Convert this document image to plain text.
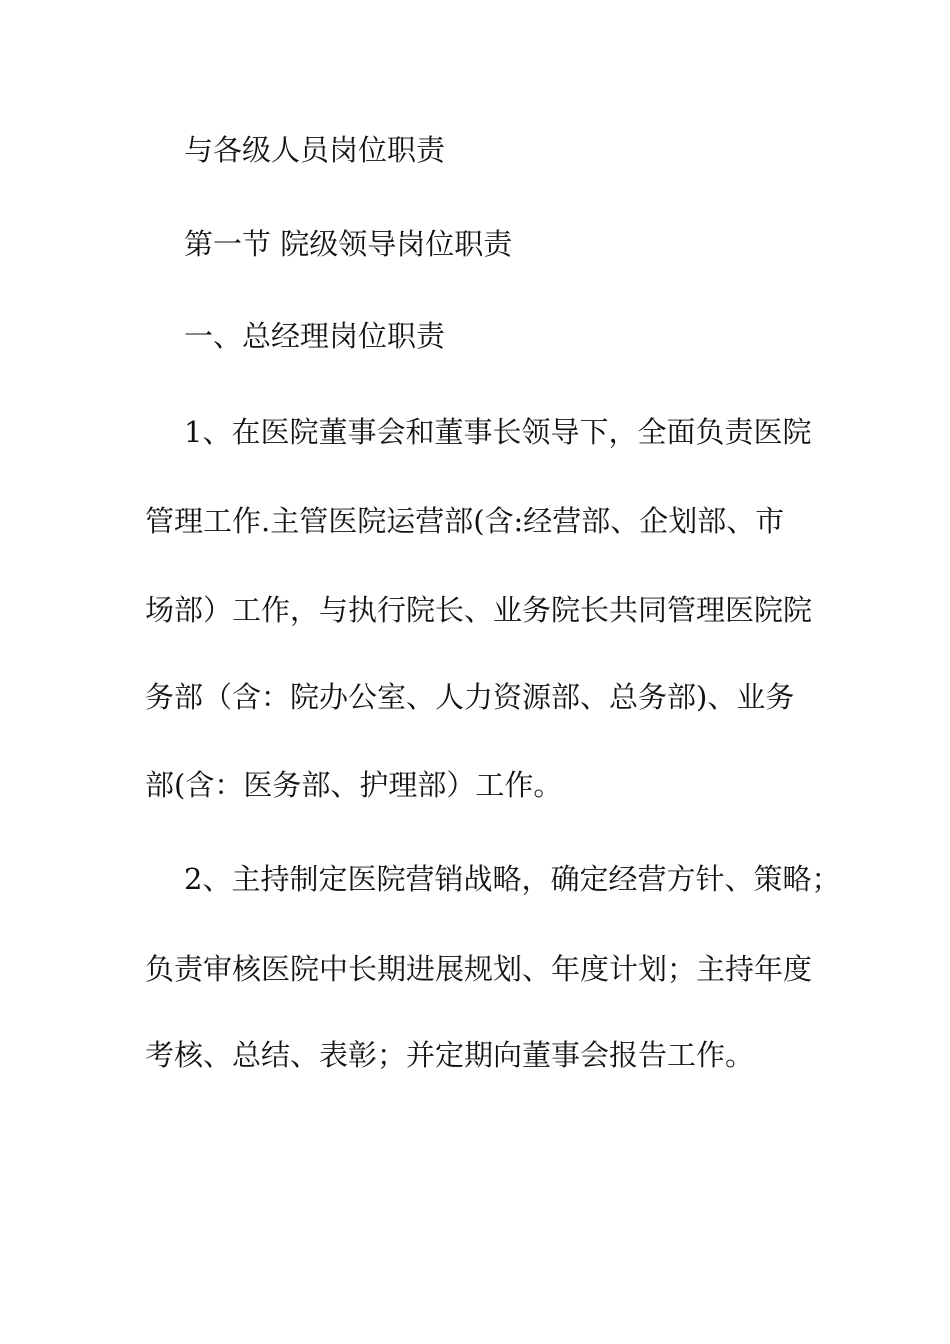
与各级人员岗位职责
第一节 院级领导岗位职责
一、总经理岗位职责
1、在医院董事会和董事长领导下，全面负责医院
管理工作.主管医院运营部(含:经营部、企划部、市
场部）工作，与执行院长、业务院长共同管理医院院
务部（含：院办公室、人力资源部、总务部)、业务
部(含：医务部、护理部）工作。
2、主持制定医院营销战略，确定经营方针、策略；
负责审核医院中长期进展规划、年度计划；主持年度
考核、总结、表彰；并定期向董事会报告工作。
